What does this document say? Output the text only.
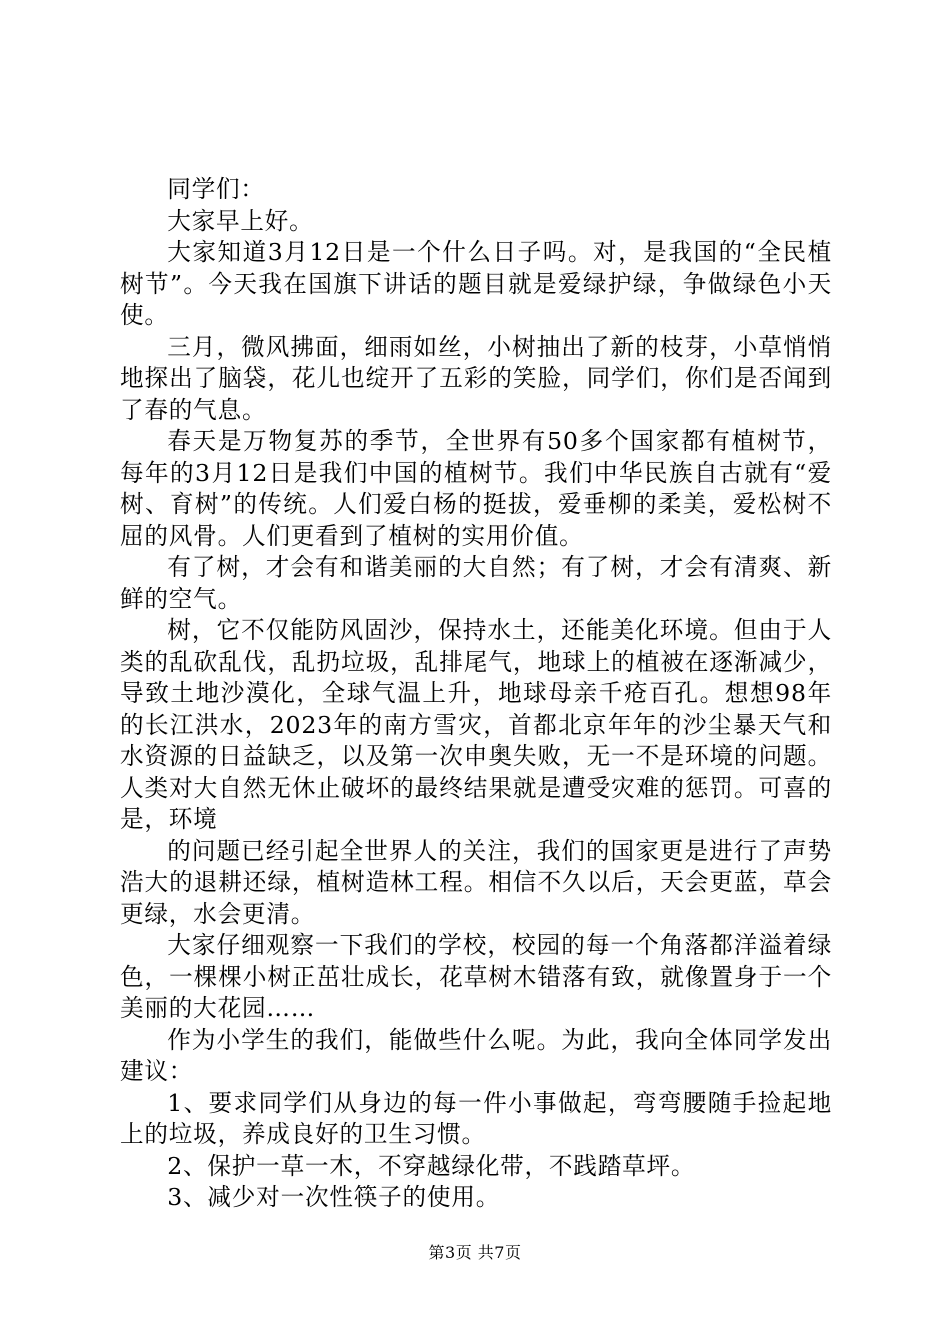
同学们：

大家早上好。

大家知道3月12日是一个什么日子吗。对，是我国的“全民植树节”。今天我在国旗下讲话的题目就是爱绿护绿，争做绿色小天使。

三月，微风拂面，细雨如丝，小树抽出了新的枝芽，小草悄悄地探出了脑袋，花儿也绽开了五彩的笑脸，同学们，你们是否闻到了春的气息。

春天是万物复苏的季节，全世界有50多个国家都有植树节，每年的3月12日是我们中国的植树节。我们中华民族自古就有“爱树、育树”的传统。人们爱白杨的挺拔，爱垂柳的柔美，爱松树不屈的风骨。人们更看到了植树的实用价值。

有了树，才会有和谐美丽的大自然；有了树，才会有清爽、新鲜的空气。

树，它不仅能防风固沙，保持水土，还能美化环境。但由于人类的乱砍乱伐，乱扔垃圾，乱排尾气，地球上的植被在逐渐减少，导致土地沙漠化，全球气温上升，地球母亲千疮百孔。想想98年的长江洪水，2023年的南方雪灾，首都北京年年的沙尘暴天气和水资源的日益缺乏，以及第一次申奥失败，无一不是环境的问题。人类对大自然无休止破坏的最终结果就是遭受灾难的惩罚。可喜的是，环境

的问题已经引起全世界人的关注，我们的国家更是进行了声势浩大的退耕还绿，植树造林工程。相信不久以后，天会更蓝，草会更绿，水会更清。

大家仔细观察一下我们的学校，校园的每一个角落都洋溢着绿色，一棵棵小树正茁壮成长，花草树木错落有致，就像置身于一个美丽的大花园……

作为小学生的我们，能做些什么呢。为此，我向全体同学发出建议：

1、要求同学们从身边的每一件小事做起，弯弯腰随手捡起地上的垃圾，养成良好的卫生习惯。

2、保护一草一木，不穿越绿化带，不践踏草坪。

3、减少对一次性筷子的使用。

第3页 共7页
